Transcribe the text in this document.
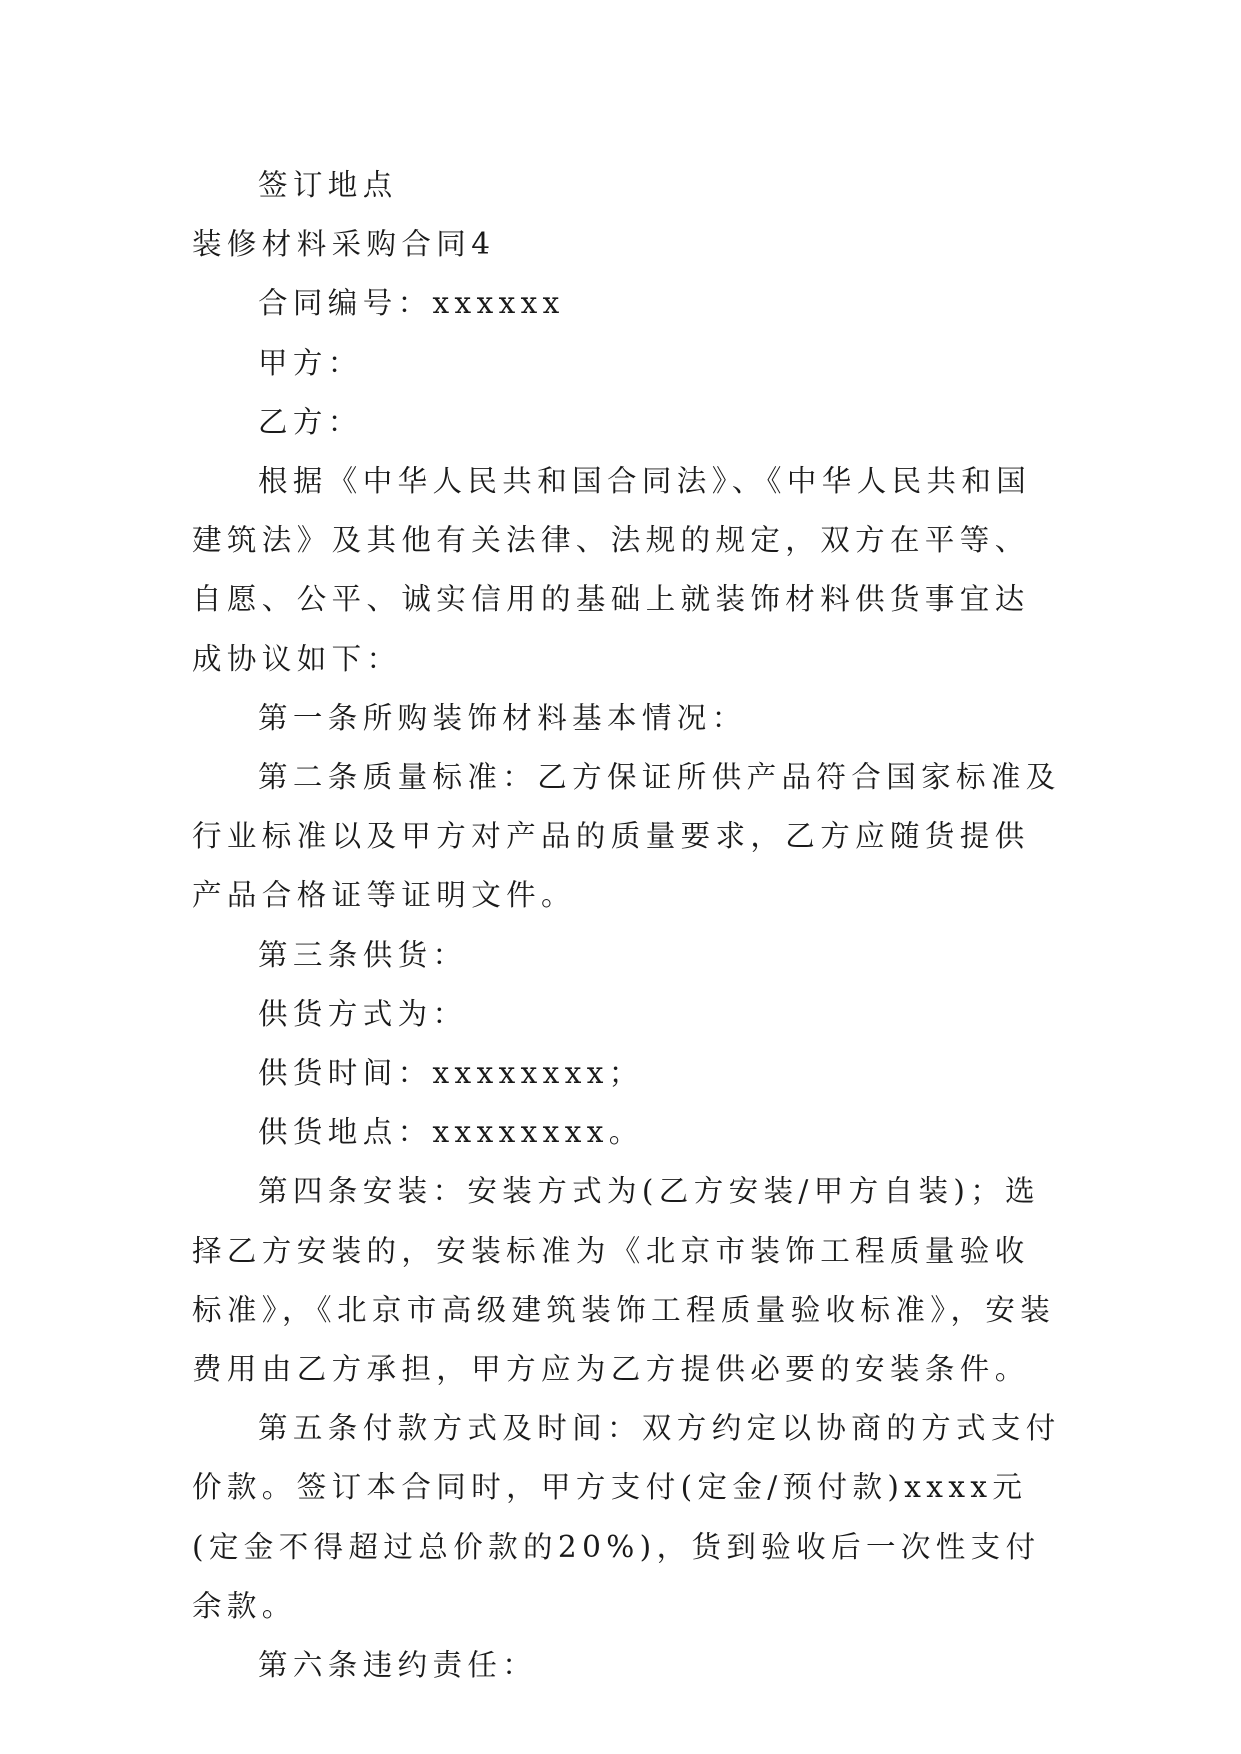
签订地点

装修材料采购合同4

合同编号：xxxxxx

甲方：

乙方：

根据《中华人民共和国合同法》、《中华人民共和国建筑法》及其他有关法律、法规的规定，双方在平等、自愿、公平、诚实信用的基础上就装饰材料供货事宜达成协议如下：

第一条所购装饰材料基本情况：

第二条质量标准：乙方保证所供产品符合国家标准及行业标准以及甲方对产品的质量要求，乙方应随货提供产品合格证等证明文件。

第三条供货：

供货方式为：

供货时间：xxxxxxxx；

供货地点：xxxxxxxx。

第四条安装：安装方式为(乙方安装/甲方自装)；选择乙方安装的，安装标准为《北京市装饰工程质量验收标准》，《北京市高级建筑装饰工程质量验收标准》，安装费用由乙方承担，甲方应为乙方提供必要的安装条件。

第五条付款方式及时间：双方约定以协商的方式支付价款。签订本合同时，甲方支付(定金/预付款)xxxx元(定金不得超过总价款的20%)，货到验收后一次性支付余款。

第六条违约责任：
